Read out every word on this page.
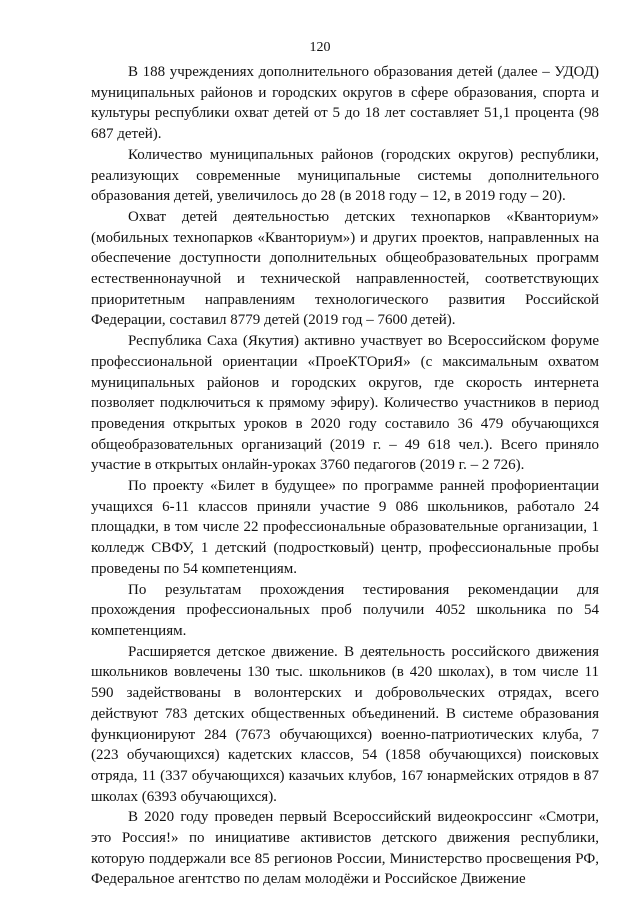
120

В 188 учреждениях дополнительного образования детей (далее – УДОД) муниципальных районов и городских округов в сфере образования, спорта и культуры республики охват детей от 5 до 18 лет составляет 51,1 процента (98 687 детей).

Количество муниципальных районов (городских округов) республики, реализующих современные муниципальные системы дополнительного образования детей, увеличилось до 28 (в 2018 году – 12, в 2019 году – 20).

Охват детей деятельностью детских технопарков «Кванториум» (мобильных технопарков «Кванториум») и других проектов, направленных на обеспечение доступности дополнительных общеобразовательных программ естественнонаучной и технической направленностей, соответствующих приоритетным направлениям технологического развития Российской Федерации, составил 8779 детей (2019 год – 7600 детей).

Республика Саха (Якутия) активно участвует во Всероссийском форуме профессиональной ориентации «ПроеКТОриЯ» (с максимальным охватом муниципальных районов и городских округов, где скорость интернета позволяет подключиться к прямому эфиру). Количество участников в период проведения открытых уроков в 2020 году составило 36 479 обучающихся общеобразовательных организаций (2019 г. – 49 618 чел.). Всего приняло участие в открытых онлайн-уроках 3760 педагогов (2019 г. – 2 726).

По проекту «Билет в будущее» по программе ранней профориентации учащихся 6-11 классов приняли участие 9 086 школьников, работало 24 площадки, в том числе 22 профессиональные образовательные организации, 1 колледж СВФУ, 1 детский (подростковый) центр, профессиональные пробы проведены по 54 компетенциям.

По результатам прохождения тестирования рекомендации для прохождения профессиональных проб получили 4052 школьника по 54 компетенциям.

Расширяется детское движение. В деятельность российского движения школьников вовлечены 130 тыс. школьников (в 420 школах), в том числе 11 590 задействованы в волонтерских и добровольческих отрядах, всего действуют 783 детских общественных объединений. В системе образования функционируют 284 (7673 обучающихся) военно-патриотических клуба, 7 (223 обучающихся) кадетских классов, 54 (1858 обучающихся) поисковых отряда, 11 (337 обучающихся) казачьих клубов, 167 юнармейских отрядов в 87 школах (6393 обучающихся).

В 2020 году проведен первый Всероссийский видеокроссинг «Смотри, это Россия!» по инициативе активистов детского движения республики, которую поддержали все 85 регионов России, Министерство просвещения РФ, Федеральное агентство по делам молодёжи и Российское Движение
